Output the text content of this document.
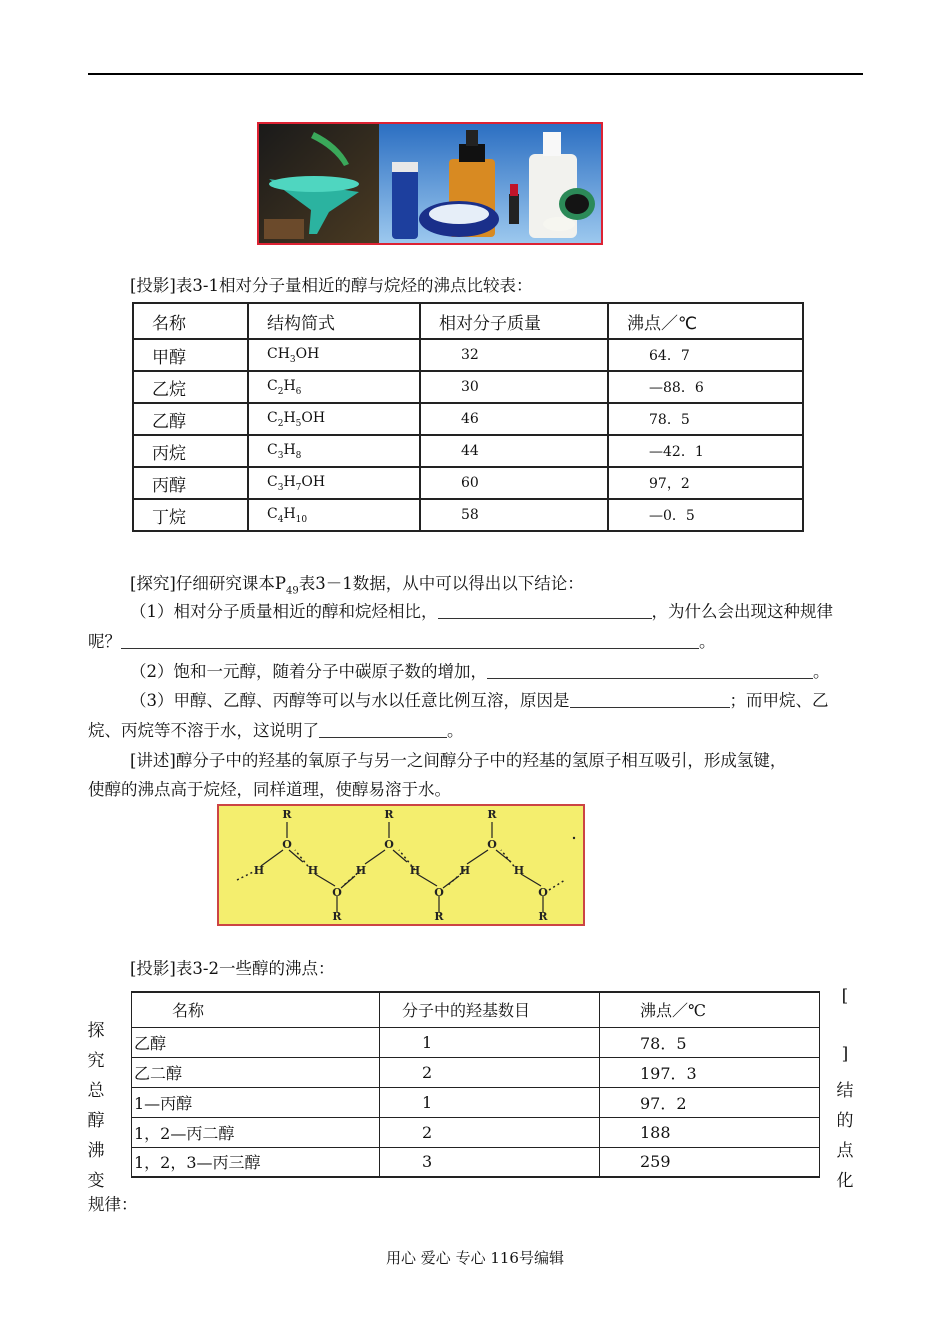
[投影]表3-1相对分子量相近的醇与烷烃的沸点比较表：
名称	结构简式	相对分子质量	沸点／℃
甲醇	$CH_3OH$	32	64．7
乙烷	$C_2H_6$	30	—88．6
乙醇	$C_2H_5OH$	46	78．5
丙烷	$C_3H_8$	44	—42．1
丙醇	$C_3H_7OH$	60	97，2
丁烷	$C_4H_{10}$	58	—0．5
[探究]仔细研究课本$P_{49}$表3－1数据，从中可以得出以下结论：
（1）相对分子质量相近的醇和烷烃相比，	，为什么会出现这种规律
呢？	。
（2）饱和一元醇，随着分子中碳原子数的增加，	。
（3）甲醇、乙醇、丙醇等可以与水以任意比例互溶，原因是	；而甲烷、乙
烷、丙烷等不溶于水，这说明了	。
[讲述]醇分子中的羟基的氧原子与另一之间醇分子中的羟基的氢原子相互吸引，形成氢键，
使醇的沸点高于烷烃，同样道理，使醇易溶于水。
R
O
H
R
O
H
R
O
H
H
O
R
H
O
R
H
O
R
[投影]表3-2一些醇的沸点：
名称	分子中的羟基数目	沸点／℃
乙醇	1	78．5
乙二醇	2	197．3
1—丙醇	1	97．2
1，2—丙二醇	2	188
1，2，3—丙三醇	3	259
探
究
总
醇
沸
变
规律：
[
]
结
的
点
化
用心 爱心 专心 116号编辑
